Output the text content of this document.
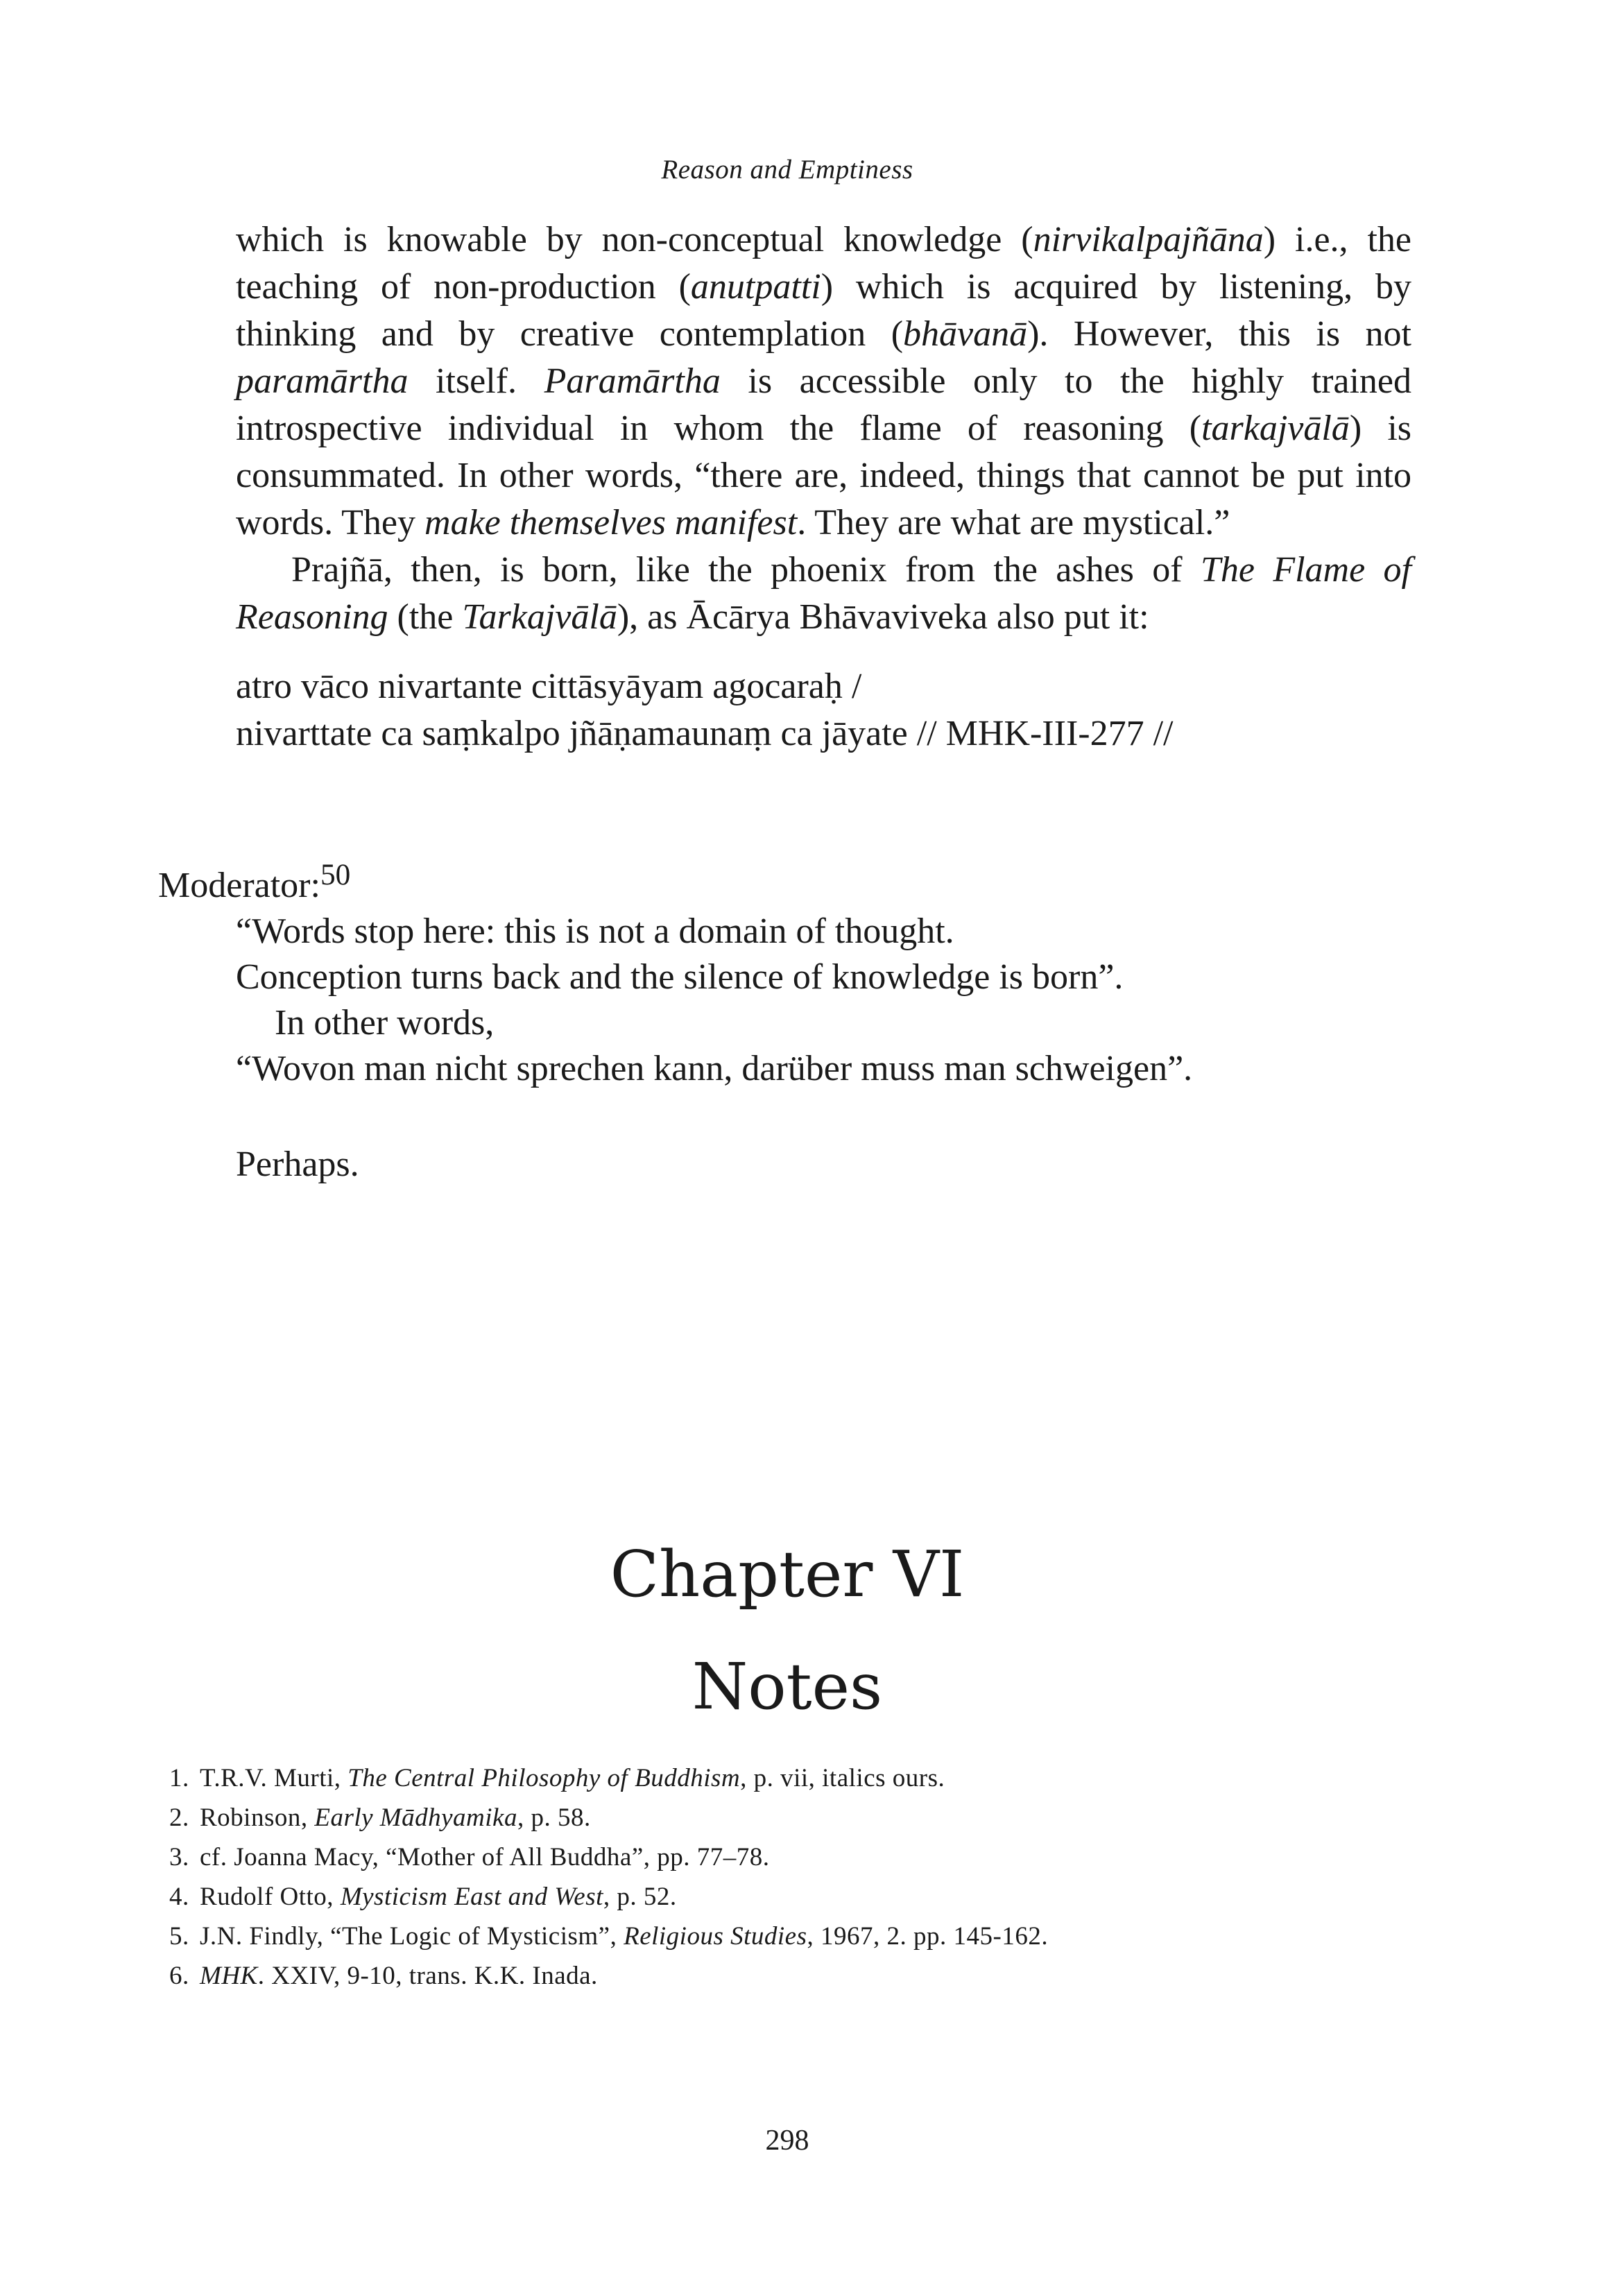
Reason and Emptiness

which is knowable by non-conceptual knowledge (nirvikalpajñāna) i.e., the teaching of non-production (anutpatti) which is acquired by listening, by thinking and by creative contemplation (bhāvanā). However, this is not paramārtha itself. Paramārtha is accessible only to the highly trained introspective individual in whom the flame of reasoning (tarkajvālā) is consummated. In other words, “there are, indeed, things that cannot be put into words. They make themselves manifest. They are what are mystical.”

Prajñā, then, is born, like the phoenix from the ashes of The Flame of Reasoning (the Tarkajvālā), as Ācārya Bhāvaviveka also put it:

atro vāco nivartante cittāsyāyam agocaraḥ /
nivarttate ca saṃkalpo jñāṇamaunaṃ ca jāyate // MHK-III-277 //
Moderator:$^{50}$
“Words stop here: this is not a domain of thought.
Conception turns back and the silence of knowledge is born”.
In other words,
“Wovon man nicht sprechen kann, darüber muss man schweigen”.
Perhaps.
Chapter VI
Notes
1. T.R.V. Murti, The Central Philosophy of Buddhism, p. vii, italics ours.
2. Robinson, Early Mādhyamika, p. 58.
3. cf. Joanna Macy, “Mother of All Buddha”, pp. 77–78.
4. Rudolf Otto, Mysticism East and West, p. 52.
5. J.N. Findly, “The Logic of Mysticism”, Religious Studies, 1967, 2. pp. 145-162.
6. MHK. XXIV, 9-10, trans. K.K. Inada.
298
